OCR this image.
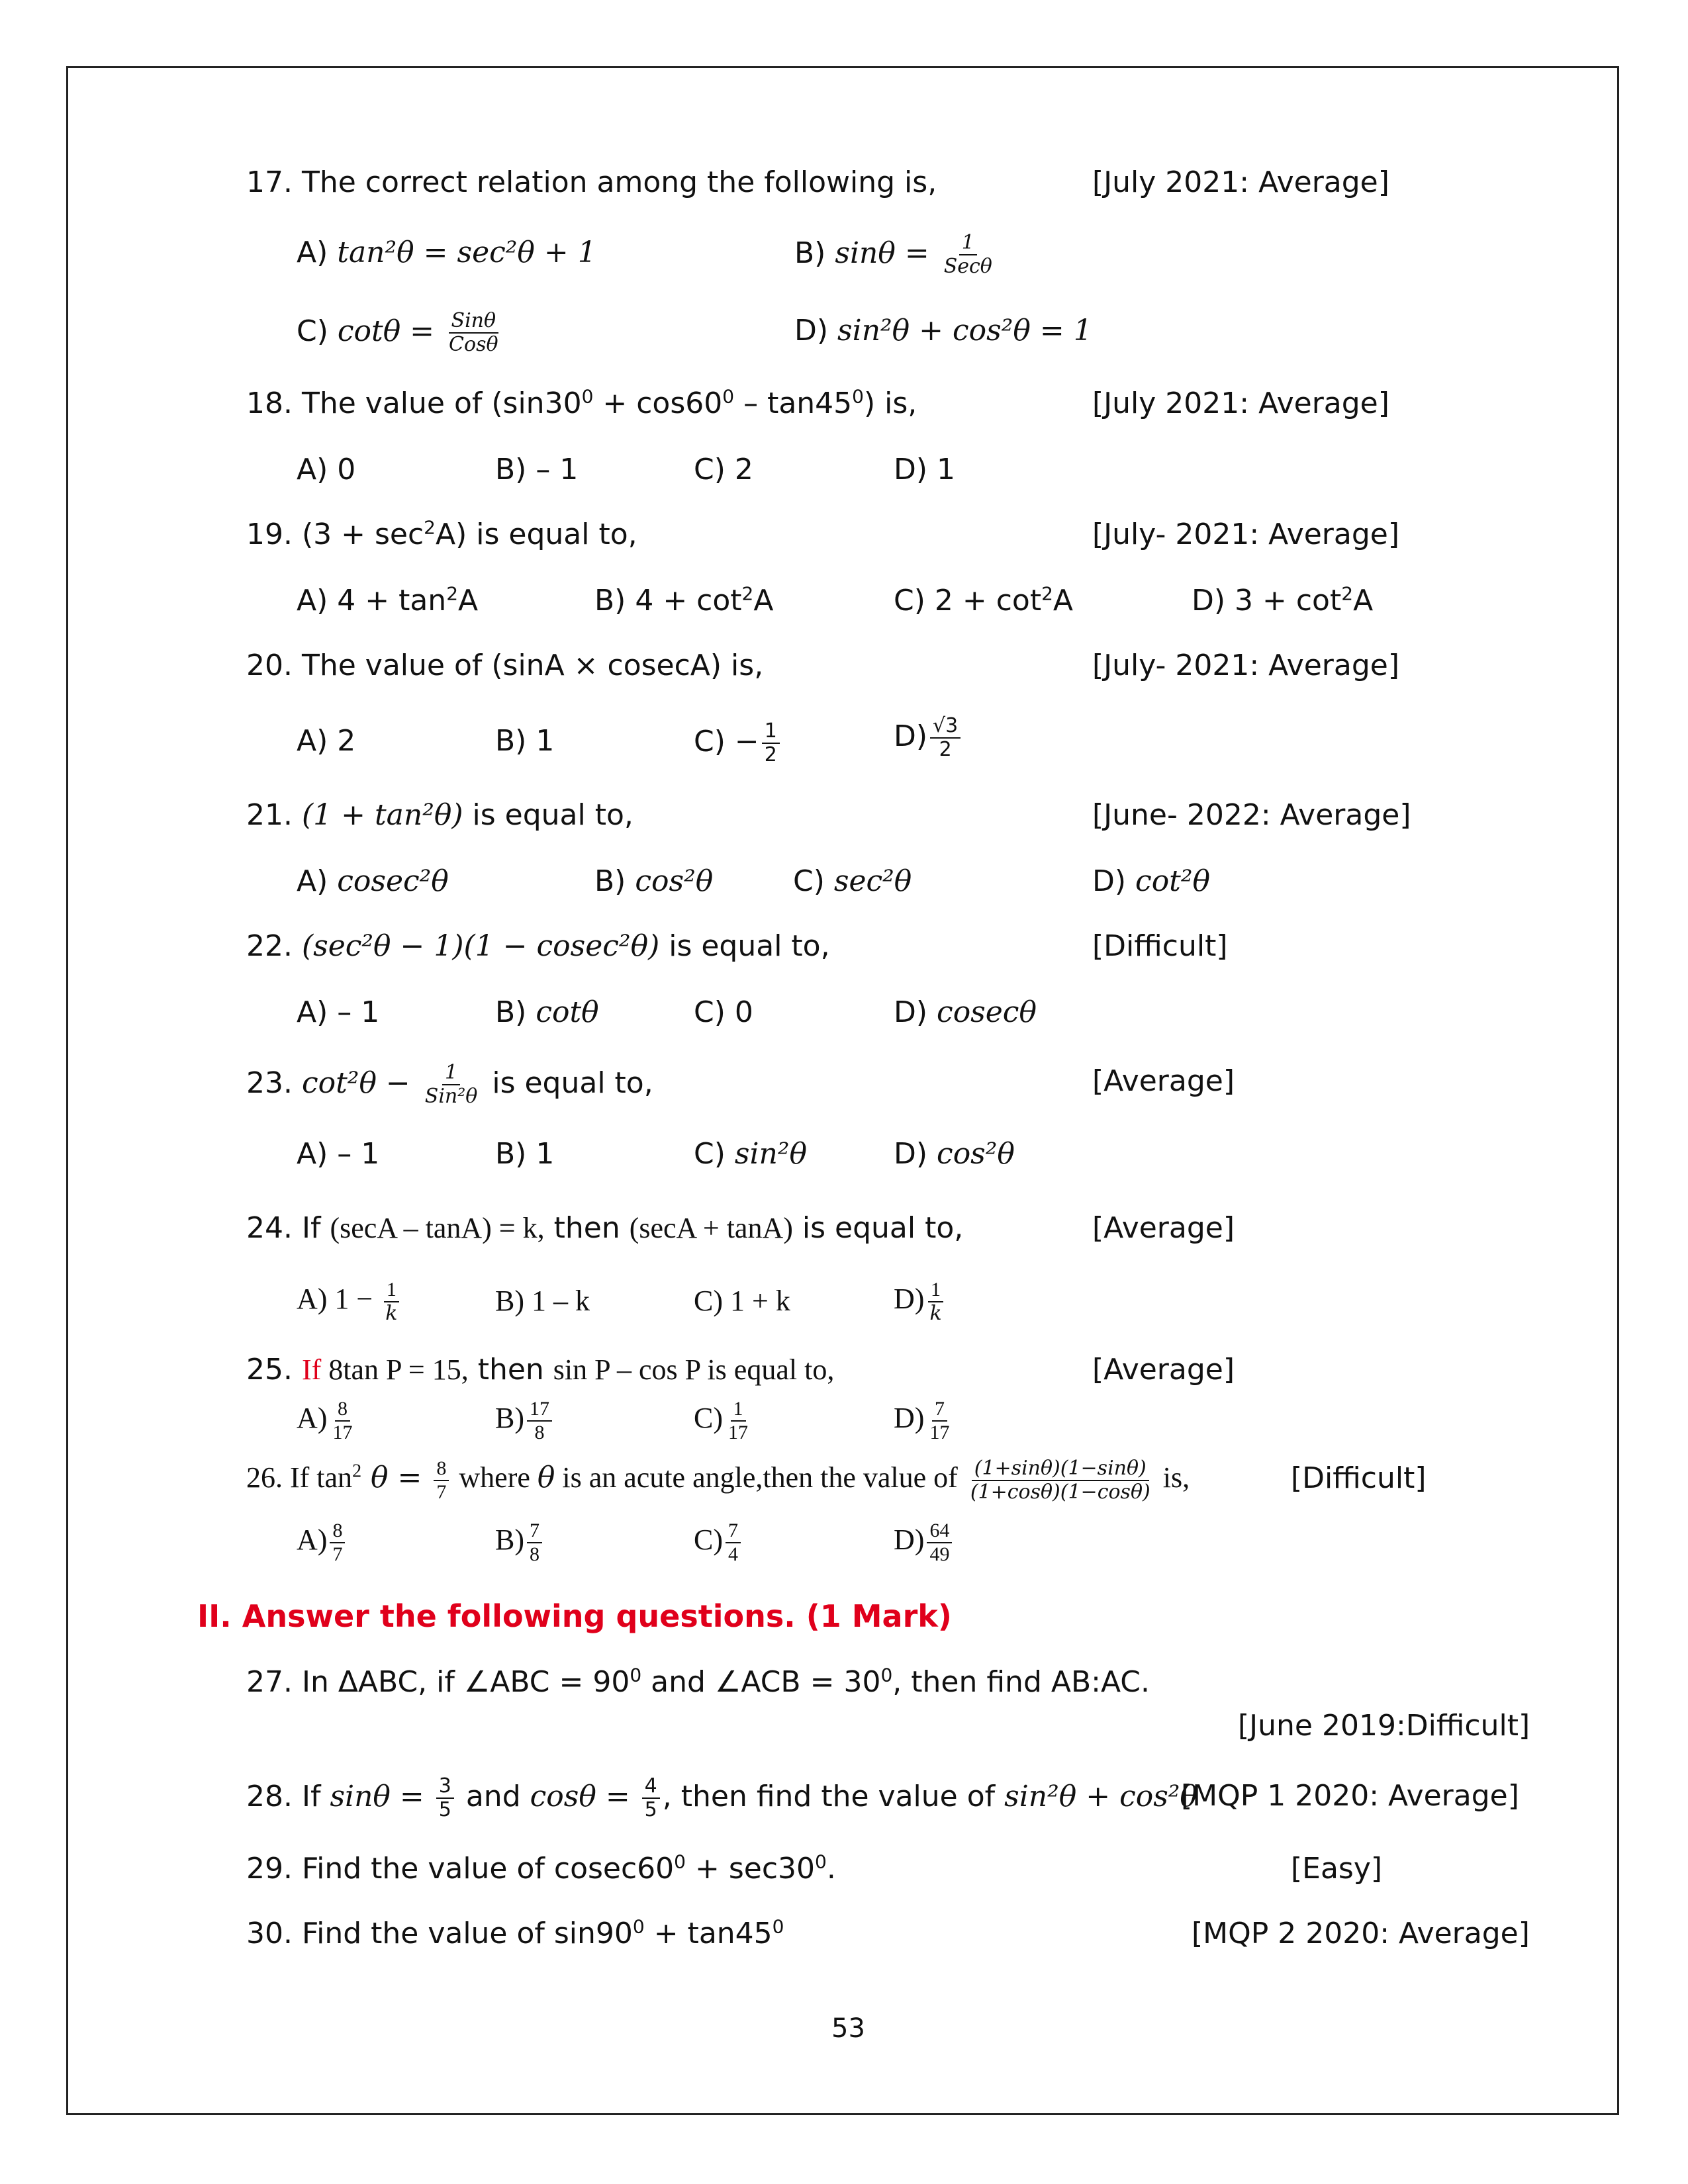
17. The correct relation among the following is,	[July 2021: Average]
A) tan²θ = sec²θ + 1	B) sinθ = 1
Secθ
C) cotθ = Sinθ
Cosθ	D) sin²θ + cos²θ = 1
18. The value of $(\sin 30^0 + \cos 60^0 - \tan 45^0)$ is,	[July 2021: Average]
A) 0	B) – 1	C) 2	D) 1
19. $(3 + \sec^2A)$ is equal to,	[July- 2021: Average]
A) $4 + \tan^2A$	B) $4 + \cot^2A$	C) $2 + \cot^2A$	D) $3 + \cot^2A$
20. The value of (sinA × cosecA) is,	[July- 2021: Average]
A) 2	B) 1	$C) - \frac{1}{2}$	$D) \frac{√3}{2}$
21. (1 + tan²θ) is equal to,	[June- 2022: Average]
A) cosec²θ	B) cos²θ	C) sec²θ	D) cot²θ
22. (sec²θ − 1)(1 − cosec²θ) is equal to,	[Difficult]
A) – 1	B) cotθ	C) 0	D) cosecθ
23. cot²θ − 1
Sin²θ is equal to,	[Average]
A) – 1	B) 1	C) sin²θ	D) cos²θ
24. If (secA – tanA) = k, then (secA + tanA) is equal to,	[Average]
A) $1 - \frac{1}{k}$	B) 1 – k	C) 1 + k	$D) \frac{1}{k}$
25. If 8tan P = 15, then sin P – cos P is equal to,	[Average]
$A) \frac{8}{17}$	$B) \frac{17}{8}$	$C) \frac{1}{17}$	$D) \frac{7}{17}$
26. If $\tan^2 \theta = \frac{8}{7}$ where θ is an acute angle,then the value of $\frac{(1+\sin\theta)(1-\sin\theta)}{(1+\cos\theta)(1-\cos\theta)}$ is,	[Difficult]
$A) \frac{8}{7}$	$B) \frac{7}{8}$	$C) \frac{7}{4}$	$D) \frac{64}{49}$
II. Answer the following questions. (1 Mark)
27. In ΔABC, if ∠ABC = $90^0$ and ∠ACB = $30^0$, then find AB:AC.
[June 2019:Difficult]
28. If $\sin\theta = \frac{3}{5}$ and $\cos\theta = \frac{4}{5}$ , then find the value of sin²θ + cos²θ
[MQP 1 2020: Average]
29. Find the value of $cosec60^0 + \sec 30^0$.	[Easy]
30. Find the value of $\sin 90^0 + \tan 45^0$	[MQP 2 2020: Average]
53
